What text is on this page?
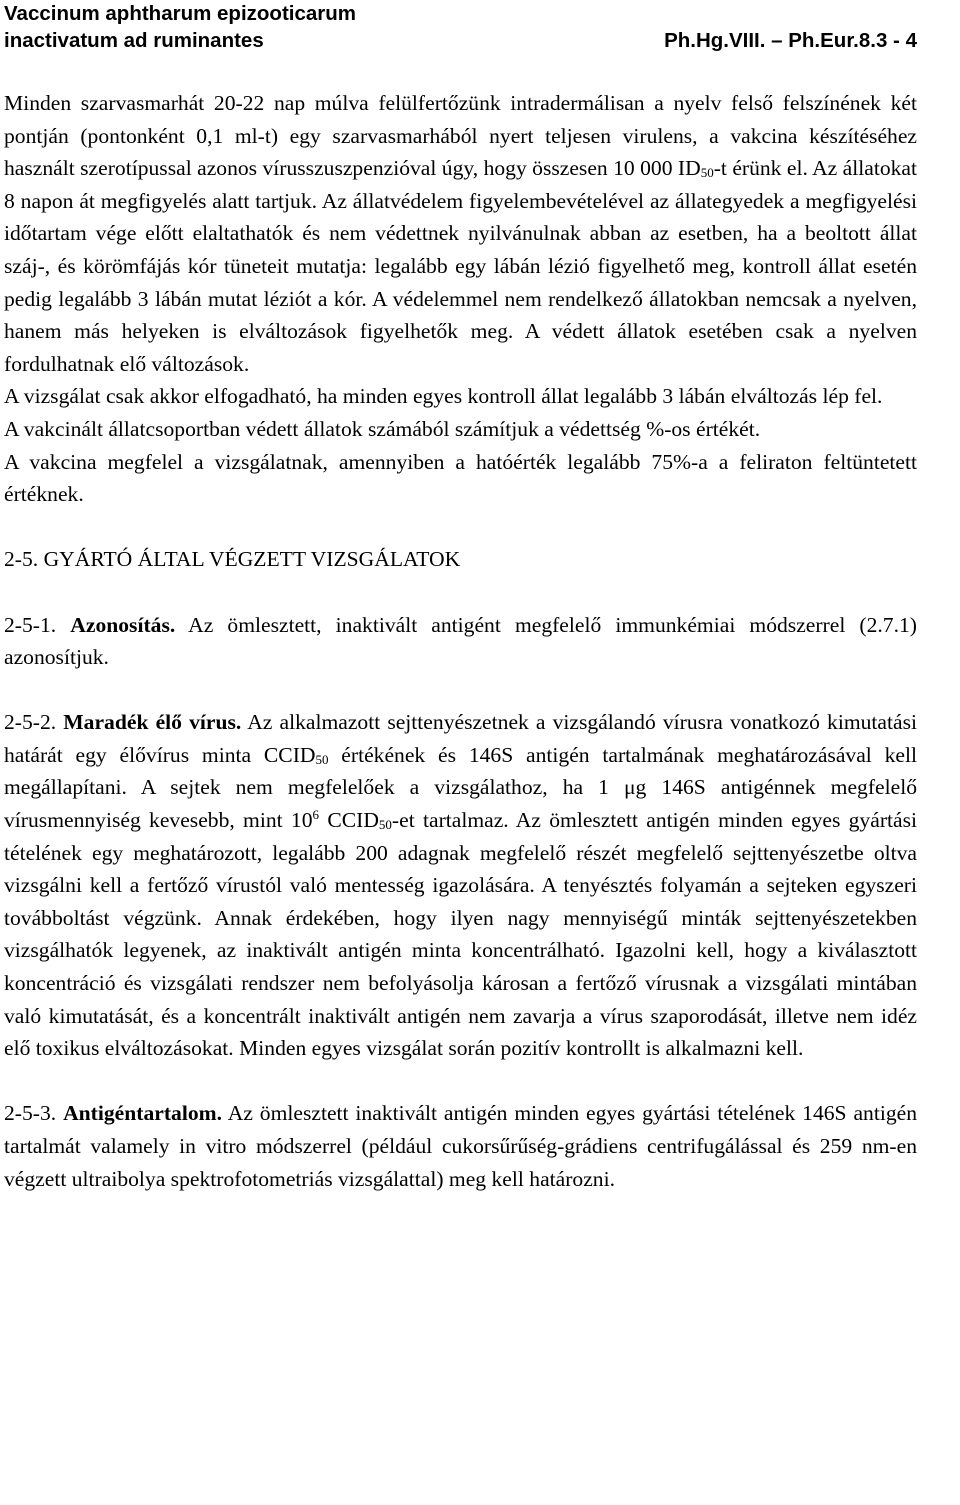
Vaccinum aphtharum epizooticarum
inactivatum ad ruminantes	Ph.Hg.VIII. – Ph.Eur.8.3 - 4

Minden szarvasmarhát 20-22 nap múlva felülfertőzünk intradermálisan a nyelv felső felszínének két pontján (pontonként 0,1 ml-t) egy szarvasmarhából nyert teljesen virulens, a vakcina készítéséhez használt szerotípussal azonos vírusszuszpenzióval úgy, hogy összesen 10 000 $ID_{50}-t$ érünk el. Az állatokat 8 napon át megfigyelés alatt tartjuk. Az állatvédelem figyelembevételével az állategyedek a megfigyelési időtartam vége előtt elaltathatók és nem védettnek nyilvánulnak abban az esetben, ha a beoltott állat száj-, és körömfájás kór tüneteit mutatja: legalább egy lábán lézió figyelhető meg, kontroll állat esetén pedig legalább 3 lábán mutat léziót a kór. A védelemmel nem rendelkező állatokban nemcsak a nyelven, hanem más helyeken is elváltozások figyelhetők meg. A védett állatok esetében csak a nyelven fordulhatnak elő változások.

A vizsgálat csak akkor elfogadható, ha minden egyes kontroll állat legalább 3 lábán elváltozás lép fel.

A vakcinált állatcsoportban védett állatok számából számítjuk a védettség %-os értékét.

A vakcina megfelel a vizsgálatnak, amennyiben a hatóérték legalább 75%-a a feliraton feltüntetett értéknek.

2-5. GYÁRTÓ ÁLTAL VÉGZETT VIZSGÁLATOK

2-5-1. Azonosítás. Az ömlesztett, inaktivált antigént megfelelő immunkémiai módszerrel (2.7.1) azonosítjuk.

2-5-2. Maradék élő vírus. Az alkalmazott sejttenyészetnek a vizsgálandó vírusra vonatkozó kimutatási határát egy élővírus minta $CCID_{50}$ értékének és 146S antigén tartalmának meghatározásával kell megállapítani. A sejtek nem megfelelőek a vizsgálathoz, ha 1 μg 146S antigénnek megfelelő vírusmennyiség kevesebb, mint $10^6$ $CCID_{50}-et$ tartalmaz. Az ömlesztett antigén minden egyes gyártási tételének egy meghatározott, legalább 200 adagnak megfelelő részét megfelelő sejttenyészetbe oltva vizsgálni kell a fertőző vírustól való mentesség igazolására. A tenyésztés folyamán a sejteken egyszeri továbboltást végzünk. Annak érdekében, hogy ilyen nagy mennyiségű minták sejttenyészetekben vizsgálhatók legyenek, az inaktivált antigén minta koncentrálható. Igazolni kell, hogy a kiválasztott koncentráció és vizsgálati rendszer nem befolyásolja károsan a fertőző vírusnak a vizsgálati mintában való kimutatását, és a koncentrált inaktivált antigén nem zavarja a vírus szaporodását, illetve nem idéz elő toxikus elváltozásokat. Minden egyes vizsgálat során pozitív kontrollt is alkalmazni kell.

2-5-3. Antigéntartalom. Az ömlesztett inaktivált antigén minden egyes gyártási tételének 146S antigén tartalmát valamely in vitro módszerrel (például cukorsűrűség-grádiens centrifugálással és 259 nm-en végzett ultraibolya spektrofotometriás vizsgálattal) meg kell határozni.
